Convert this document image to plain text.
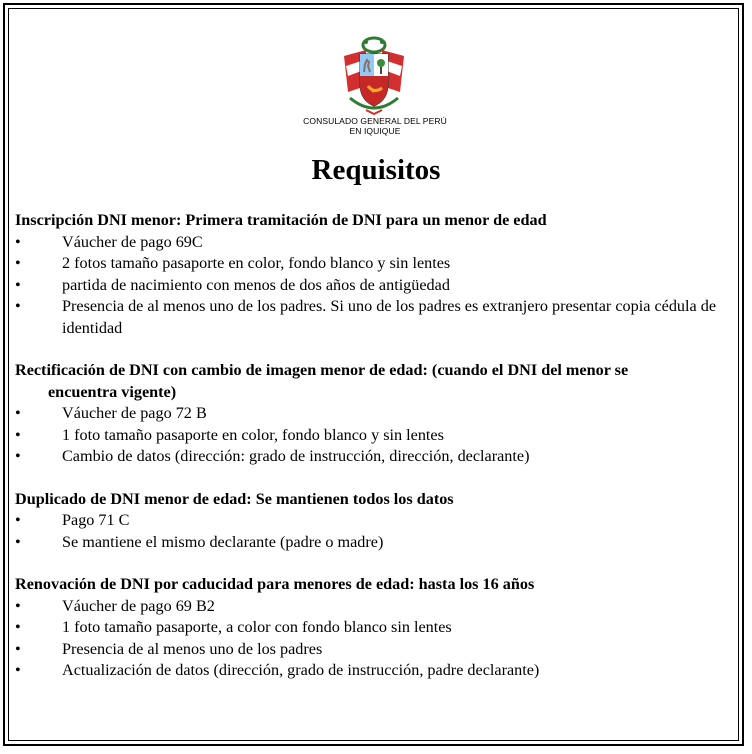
CONSULADO GENERAL DEL PERÚ
EN IQUIQUE
Requisitos
Inscripción DNI menor: Primera tramitación de DNI para un menor de edad
•	Váucher de pago 69C
•	2 fotos tamaño pasaporte en color, fondo blanco y sin lentes
•	partida de nacimiento con menos de dos años de antigüedad
•	Presencia de al menos uno de los padres. Si uno de los padres es extranjero presentar copia cédula de identidad
Rectificación de DNI con cambio de imagen menor de edad: (cuando el DNI del menor se
encuentra vigente)
•	Váucher de pago 72 B
•	1 foto tamaño pasaporte en color, fondo blanco y sin lentes
•	Cambio de datos (dirección: grado de instrucción, dirección, declarante)
Duplicado de DNI menor de edad: Se mantienen todos los datos
•	Pago 71 C
•	Se mantiene el mismo declarante (padre o madre)
Renovación de DNI por caducidad para menores de edad: hasta los 16 años
•	Váucher de pago 69 B2
•	1 foto tamaño pasaporte, a color con fondo blanco sin lentes
•	Presencia de al menos uno de los padres
•	Actualización de datos (dirección, grado de instrucción, padre declarante)
